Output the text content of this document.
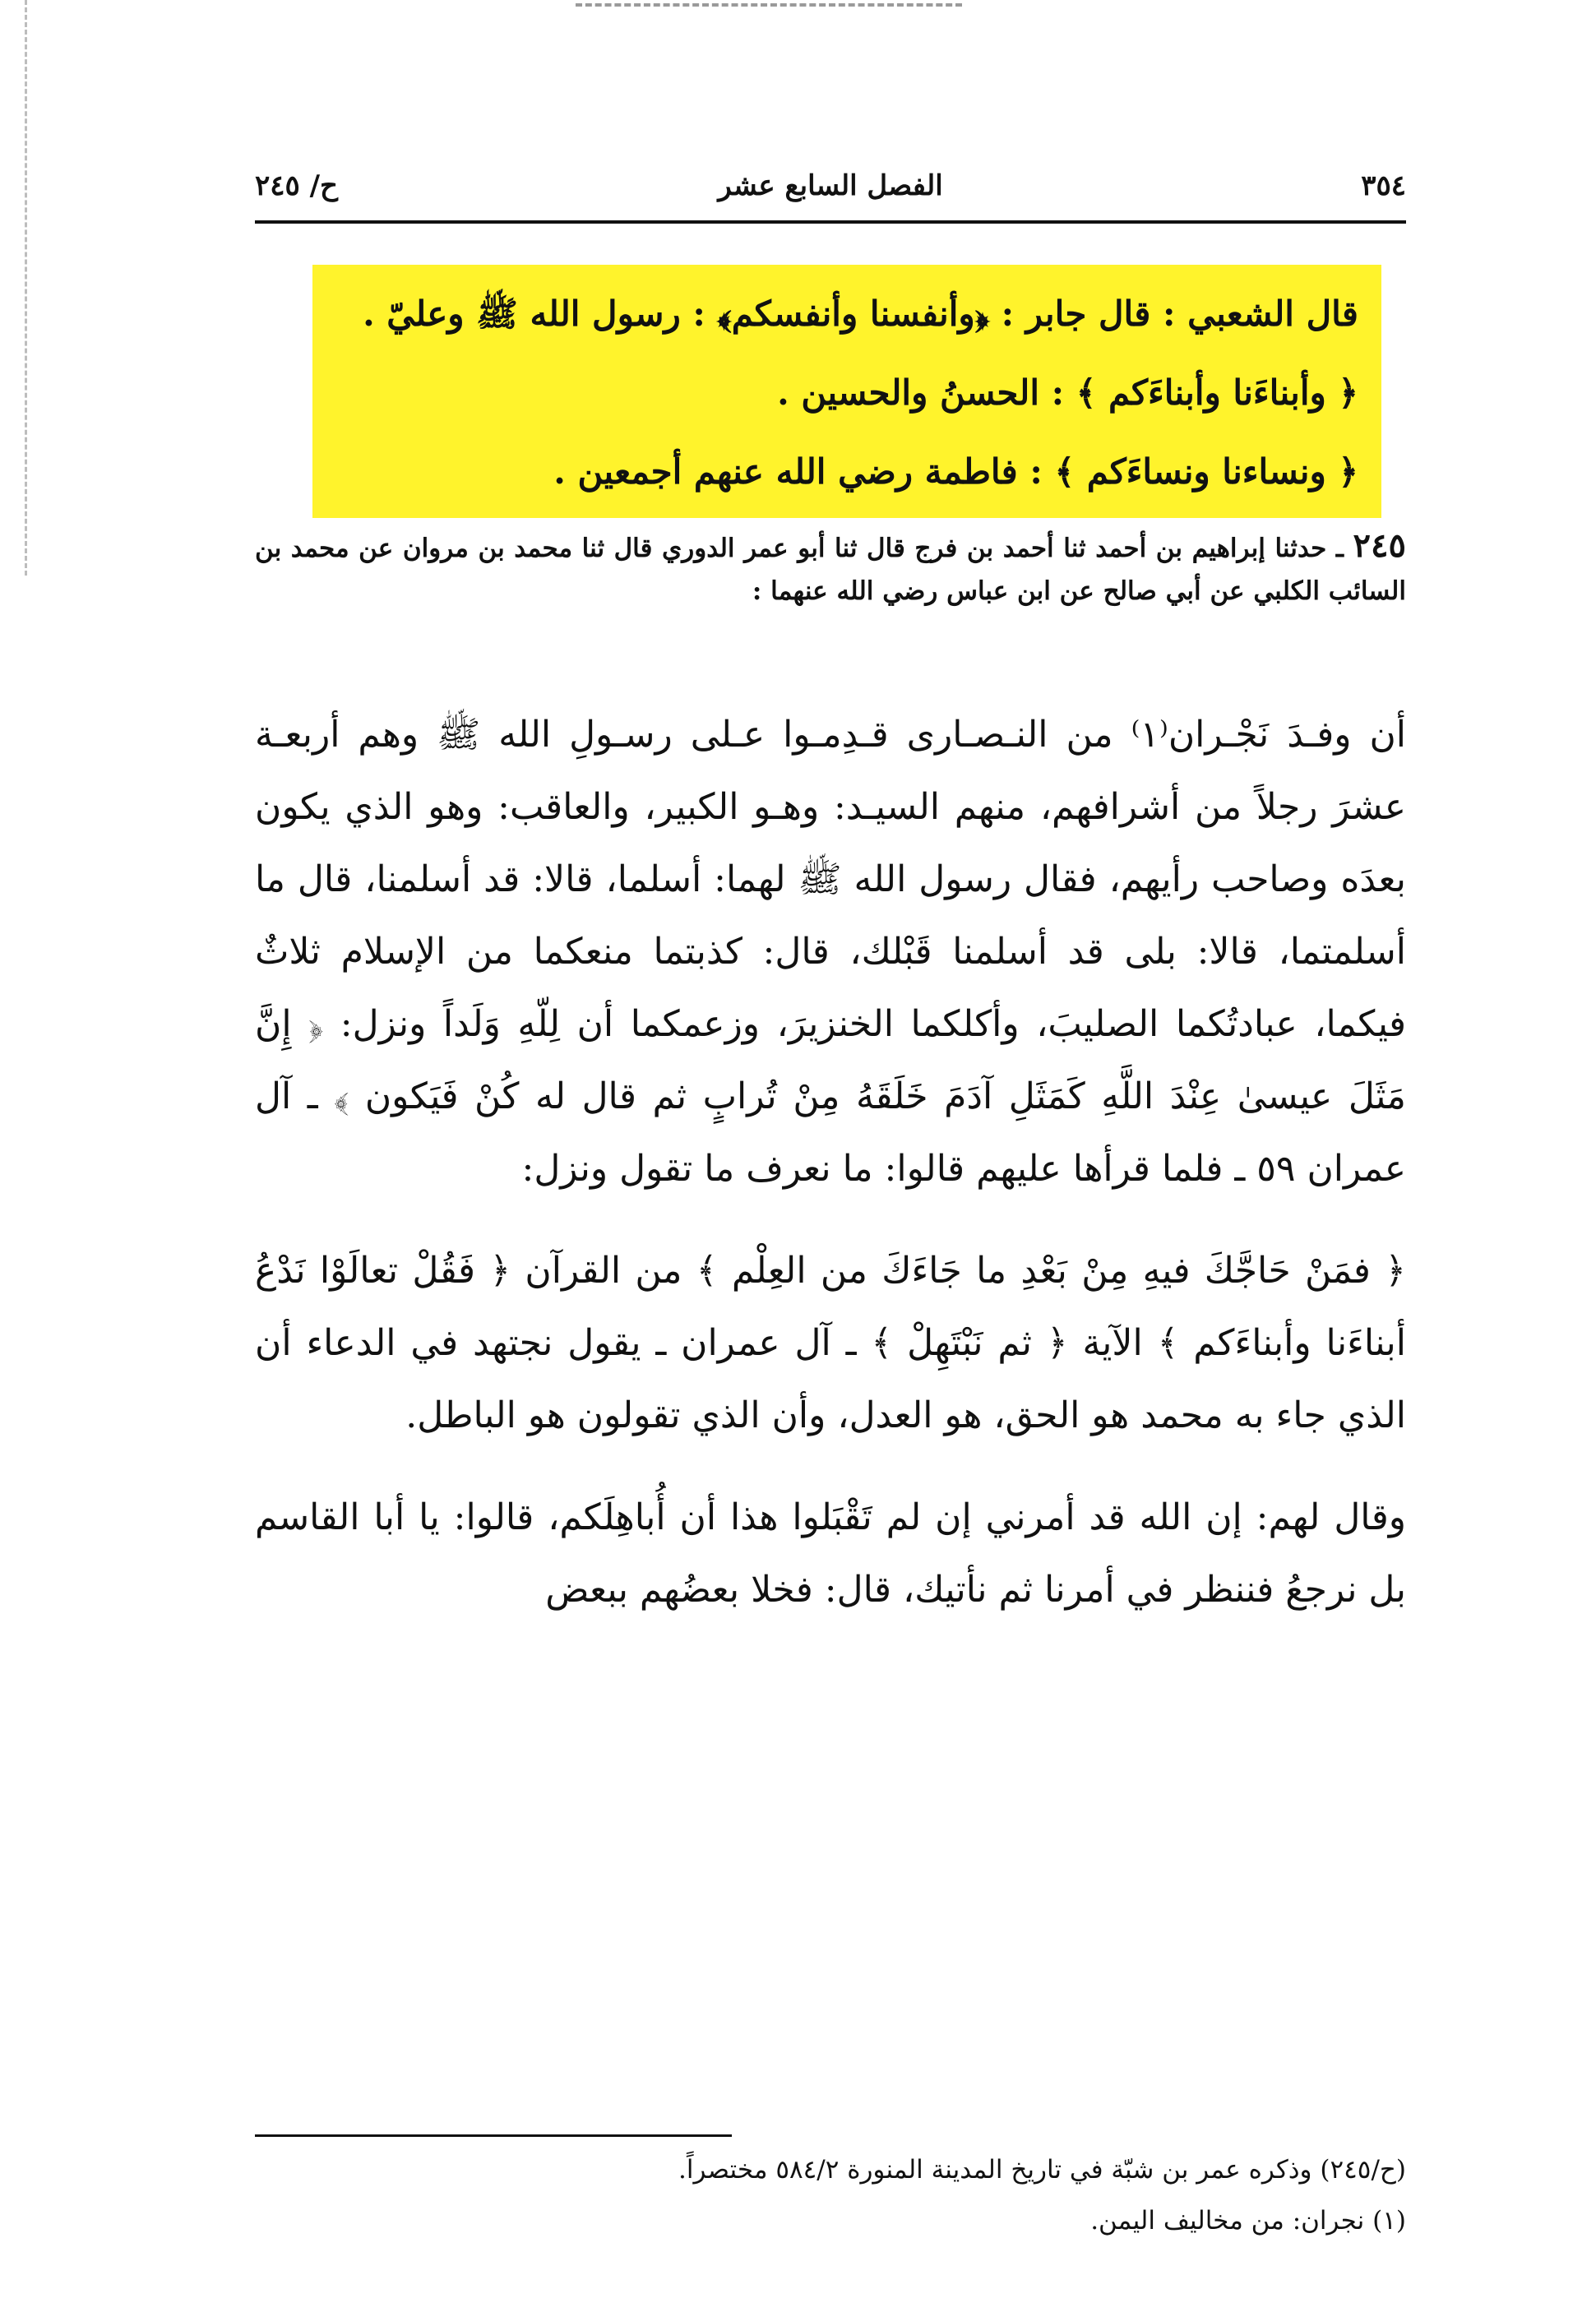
٣٥٤
الفصل السابع عشر
ح/ ٢٤٥
قال الشعبي : قال جابر : ﴿وأنفسنا وأنفسكم﴾ : رسول الله ﷺ وعليّ .
﴿ وأبناءَنا وأبناءَكم ﴾ : الحسنُ والحسين .
﴿ ونساءنا ونساءَكم ﴾ : فاطمة رضي الله عنهم أجمعين .
٢٤٥ ـ حدثنا إبراهيم بن أحمد ثنا أحمد بن فرج قال ثنا أبو عمر الدوري قال ثنا محمد بن مروان عن محمد بن السائب الكلبي عن أبي صالح عن ابن عباس رضي الله عنهما :

أن وفـدَ نَجْـران⁽١⁾ من النـصـارى قـدِمـوا عـلى رسـولِ الله ﷺ وهم أربعـة عشرَ رجلاً من أشرافهم، منهم السيـد: وهـو الكبير، والعاقب: وهو الذي يكون بعدَه وصاحب رأيهم، فقال رسول الله ﷺ لهما: أسلما، قالا: قد أسلمنا، قال ما أسلمتما، قالا: بلى قد أسلمنا قَبْلك، قال: كذبتما منعكما من الإسلام ثلاثٌ فيكما، عبادتُكما الصليبَ، وأكلكما الخنزيرَ، وزعمكما أن لِلّهِ وَلَداً ونزل: ﴿ إِنَّ مَثَلَ عيسىٰ عِنْدَ اللَّهِ كَمَثَلِ آدَمَ خَلَقَهُ مِنْ تُرابٍ ثم قال له كُنْ فَيَكون ﴾ ـ آل عمران ٥٩ ـ فلما قرأها عليهم قالوا: ما نعرف ما تقول ونزل:

﴿ فمَنْ حَاجَّكَ فيهِ مِنْ بَعْدِ ما جَاءَكَ من العِلْم ﴾ من القرآن ﴿ فَقُلْ تعالَوْا نَدْعُ أبناءَنا وأبناءَكم ﴾ الآية ﴿ ثم نَبْتَهِلْ ﴾ ـ آل عمران ـ يقول نجتهد في الدعاء أن الذي جاء به محمد هو الحق، هو العدل، وأن الذي تقولون هو الباطل.

وقال لهم: إن الله قد أمرني إن لم تَقْبَلوا هذا أن أُباهِلَكم، قالوا: يا أبا القاسم بل نرجعُ فننظر في أمرنا ثم نأتيك، قال: فخلا بعضُهم ببعض

(ح/٢٤٥) وذكره عمر بن شبّة في تاريخ المدينة المنورة ٥٨٤/٢ مختصراً.
(١) نجران: من مخاليف اليمن.
